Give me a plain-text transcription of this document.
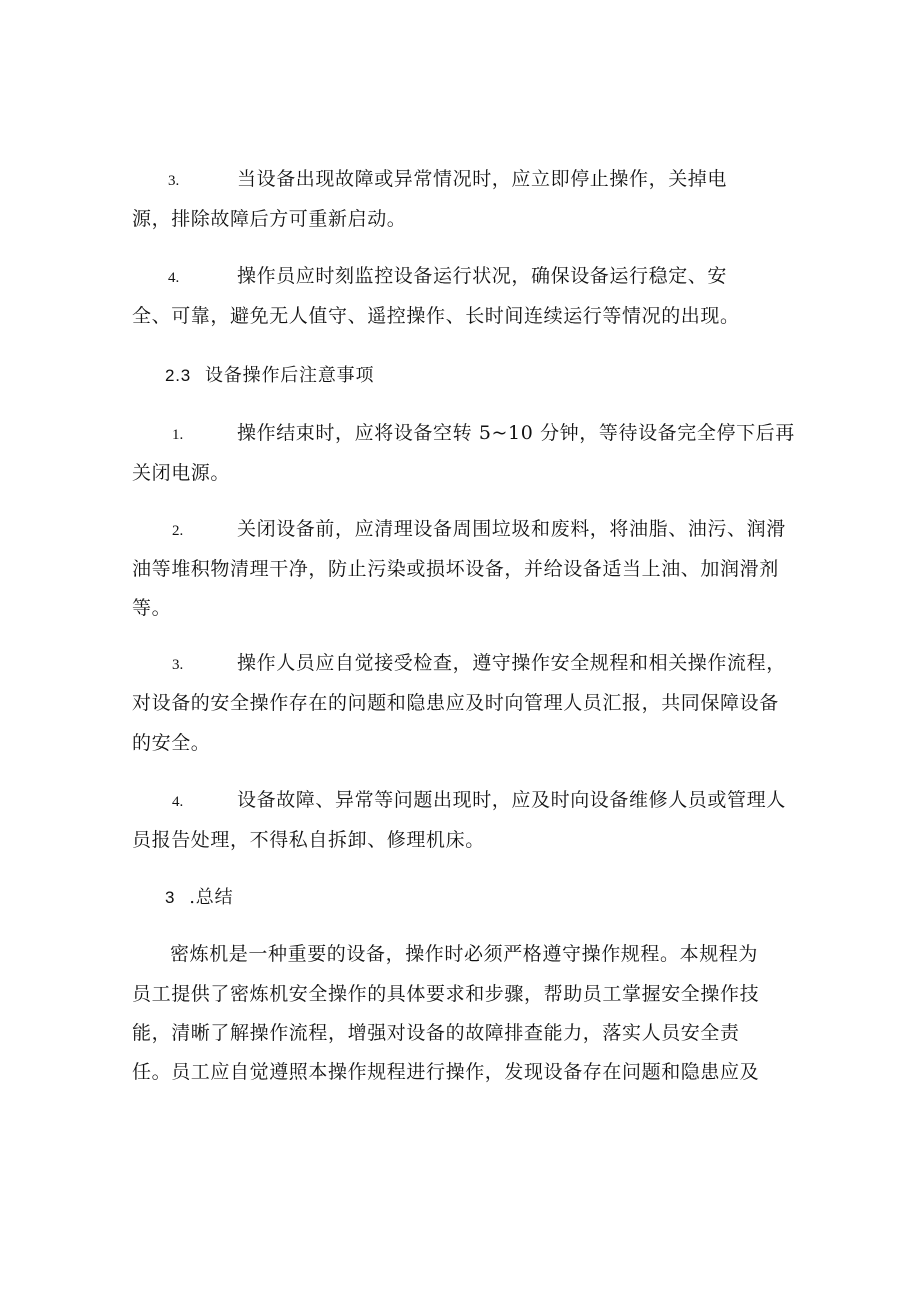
3.	当设备出现故障或异常情况时，应立即停止操作，关掉电
源，排除故障后方可重新启动。
4.	操作员应时刻监控设备运行状况，确保设备运行稳定、安
全、可靠，避免无人值守、遥控操作、长时间连续运行等情况的出现。
2.3 设备操作后注意事项
1.	操作结束时，应将设备空转 5~10 分钟，等待设备完全停下后再
关闭电源。
2.	关闭设备前，应清理设备周围垃圾和废料，将油脂、油污、润滑
油等堆积物清理干净，防止污染或损坏设备，并给设备适当上油、加润滑剂
等。
3.	操作人员应自觉接受检查，遵守操作安全规程和相关操作流程，
对设备的安全操作存在的问题和隐患应及时向管理人员汇报，共同保障设备
的安全。
4.	设备故障、异常等问题出现时，应及时向设备维修人员或管理人
员报告处理，不得私自拆卸、修理机床。
3 .总结
密炼机是一种重要的设备，操作时必须严格遵守操作规程。本规程为
员工提供了密炼机安全操作的具体要求和步骤，帮助员工掌握安全操作技
能，清晰了解操作流程，增强对设备的故障排查能力，落实人员安全责
任。员工应自觉遵照本操作规程进行操作，发现设备存在问题和隐患应及
